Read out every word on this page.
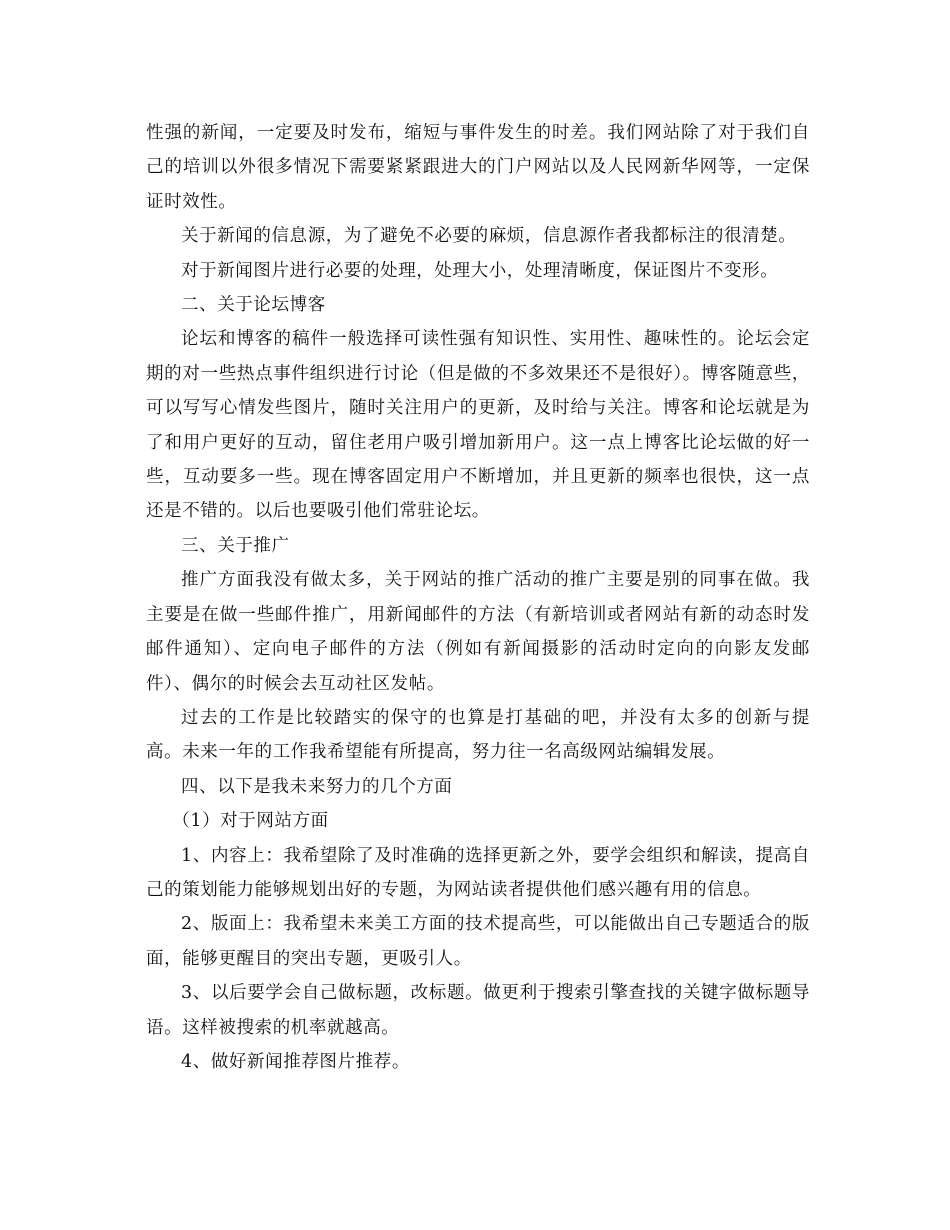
性强的新闻，一定要及时发布，缩短与事件发生的时差。我们网站除了对于我们自己的培训以外很多情况下需要紧紧跟进大的门户网站以及人民网新华网等，一定保证时效性。

关于新闻的信息源，为了避免不必要的麻烦，信息源作者我都标注的很清楚。

对于新闻图片进行必要的处理，处理大小，处理清晰度，保证图片不变形。

二、关于论坛博客

论坛和博客的稿件一般选择可读性强有知识性、实用性、趣味性的。论坛会定期的对一些热点事件组织进行讨论（但是做的不多效果还不是很好）。博客随意些，可以写写心情发些图片，随时关注用户的更新，及时给与关注。博客和论坛就是为了和用户更好的互动，留住老用户吸引增加新用户。这一点上博客比论坛做的好一些，互动要多一些。现在博客固定用户不断增加，并且更新的频率也很快，这一点还是不错的。以后也要吸引他们常驻论坛。

三、关于推广

推广方面我没有做太多，关于网站的推广活动的推广主要是别的同事在做。我主要是在做一些邮件推广，用新闻邮件的方法（有新培训或者网站有新的动态时发邮件通知）、定向电子邮件的方法（例如有新闻摄影的活动时定向的向影友发邮件）、偶尔的时候会去互动社区发帖。

过去的工作是比较踏实的保守的也算是打基础的吧，并没有太多的创新与提高。未来一年的工作我希望能有所提高，努力往一名高级网站编辑发展。

四、以下是我未来努力的几个方面

（1）对于网站方面

1、内容上：我希望除了及时准确的选择更新之外，要学会组织和解读，提高自己的策划能力能够规划出好的专题，为网站读者提供他们感兴趣有用的信息。

2、版面上：我希望未来美工方面的技术提高些，可以能做出自己专题适合的版面，能够更醒目的突出专题，更吸引人。

3、以后要学会自己做标题，改标题。做更利于搜索引擎查找的关键字做标题导语。这样被搜索的机率就越高。

4、做好新闻推荐图片推荐。
